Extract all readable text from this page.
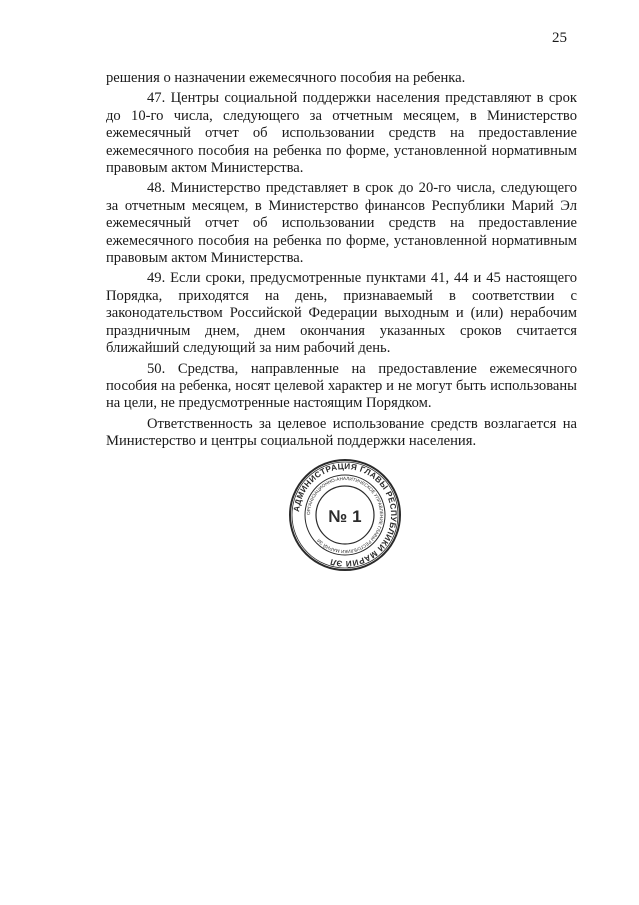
25

решения о назначении ежемесячного пособия на ребенка.

47. Центры социальной поддержки населения представляют в срок до 10-го числа, следующего за отчетным месяцем, в Министерство ежемесячный отчет об использовании средств на предоставление ежемесячного пособия на ребенка по форме, установленной нормативным правовым актом Министерства.

48. Министерство представляет в срок до 20-го числа, следующего за отчетным месяцем, в Министерство финансов Республики Марий Эл ежемесячный отчет об использовании средств на предоставление ежемесячного пособия на ребенка по форме, установленной нормативным правовым актом Министерства.

49. Если сроки, предусмотренные пунктами 41, 44 и 45 настоящего Порядка, приходятся на день, признаваемый в соответствии с законодательством Российской Федерации выходным и (или) нерабочим праздничным днем, днем окончания указанных сроков считается ближайший следующий за ним рабочий день.

50. Средства, направленные на предоставление ежемесячного пособия на ребенка, носят целевой характер и не могут быть использованы на цели, не предусмотренные настоящим Порядком.

Ответственность за целевое использование средств возлагается на Министерство и центры социальной поддержки населения.

АДМИНИСТРАЦИЯ ГЛАВЫ РЕСПУБЛИКИ МАРИЙ ЭЛ
ОРГАНИЗАЦИОННО-АНАЛИТИЧЕСКОЕ УПРАВЛЕНИЕ ГЛАВЫ РЕСПУБЛИКИ МАРИЙ ЭЛ
№ 1
